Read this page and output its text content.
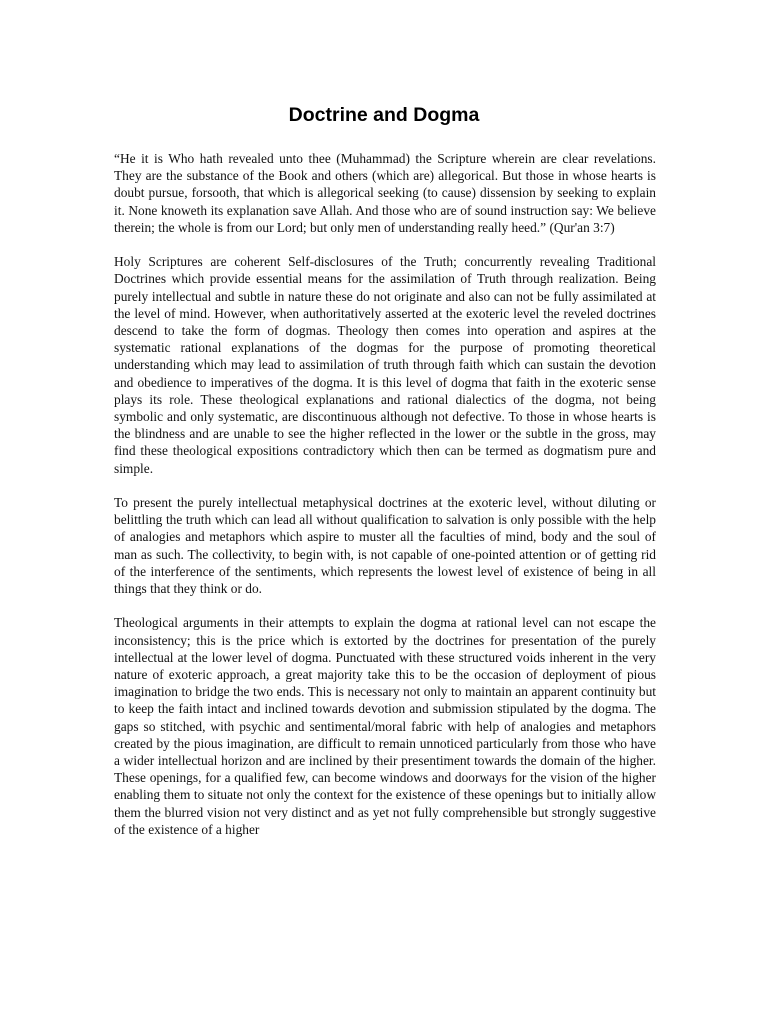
Doctrine and Dogma

“He it is Who hath revealed unto thee (Muhammad) the Scripture wherein are clear revelations. They are the substance of the Book and others (which are) allegorical. But those in whose hearts is doubt pursue, forsooth, that which is allegorical seeking (to cause) dissension by seeking to explain it. None knoweth its explanation save Allah. And those who are of sound instruction say: We believe therein; the whole is from our Lord; but only men of understanding really heed.” (Qur'an 3:7)

Holy Scriptures are coherent Self-disclosures of the Truth; concurrently revealing Traditional Doctrines which provide essential means for the assimilation of Truth through realization. Being purely intellectual and subtle in nature these do not originate and also can not be fully assimilated at the level of mind. However, when authoritatively asserted at the exoteric level the reveled doctrines descend to take the form of dogmas. Theology then comes into operation and aspires at the systematic rational explanations of the dogmas for the purpose of promoting theoretical understanding which may lead to assimilation of truth through faith which can sustain the devotion and obedience to imperatives of the dogma. It is this level of dogma that faith in the exoteric sense plays its role. These theological explanations and rational dialectics of the dogma, not being symbolic and only systematic, are discontinuous although not defective. To those in whose hearts is the blindness and are unable to see the higher reflected in the lower or the subtle in the gross, may find these theological expositions contradictory which then can be termed as dogmatism pure and simple.

To present the purely intellectual metaphysical doctrines at the exoteric level, without diluting or belittling the truth which can lead all without qualification to salvation is only possible with the help of analogies and metaphors which aspire to muster all the faculties of mind, body and the soul of man as such. The collectivity, to begin with, is not capable of one-pointed attention or of getting rid of the interference of the sentiments, which represents the lowest level of existence of being in all things that they think or do.

Theological arguments in their attempts to explain the dogma at rational level can not escape the inconsistency; this is the price which is extorted by the doctrines for presentation of the purely intellectual at the lower level of dogma. Punctuated with these structured voids inherent in the very nature of exoteric approach, a great majority take this to be the occasion of deployment of pious imagination to bridge the two ends. This is necessary not only to maintain an apparent continuity but to keep the faith intact and inclined towards devotion and submission stipulated by the dogma. The gaps so stitched, with psychic and sentimental/moral fabric with help of analogies and metaphors created by the pious imagination, are difficult to remain unnoticed particularly from those who have a wider intellectual horizon and are inclined by their presentiment towards the domain of the higher. These openings, for a qualified few, can become windows and doorways for the vision of the higher enabling them to situate not only the context for the existence of these openings but to initially allow them the blurred vision not very distinct and as yet not fully comprehensible but strongly suggestive of the existence of a higher
